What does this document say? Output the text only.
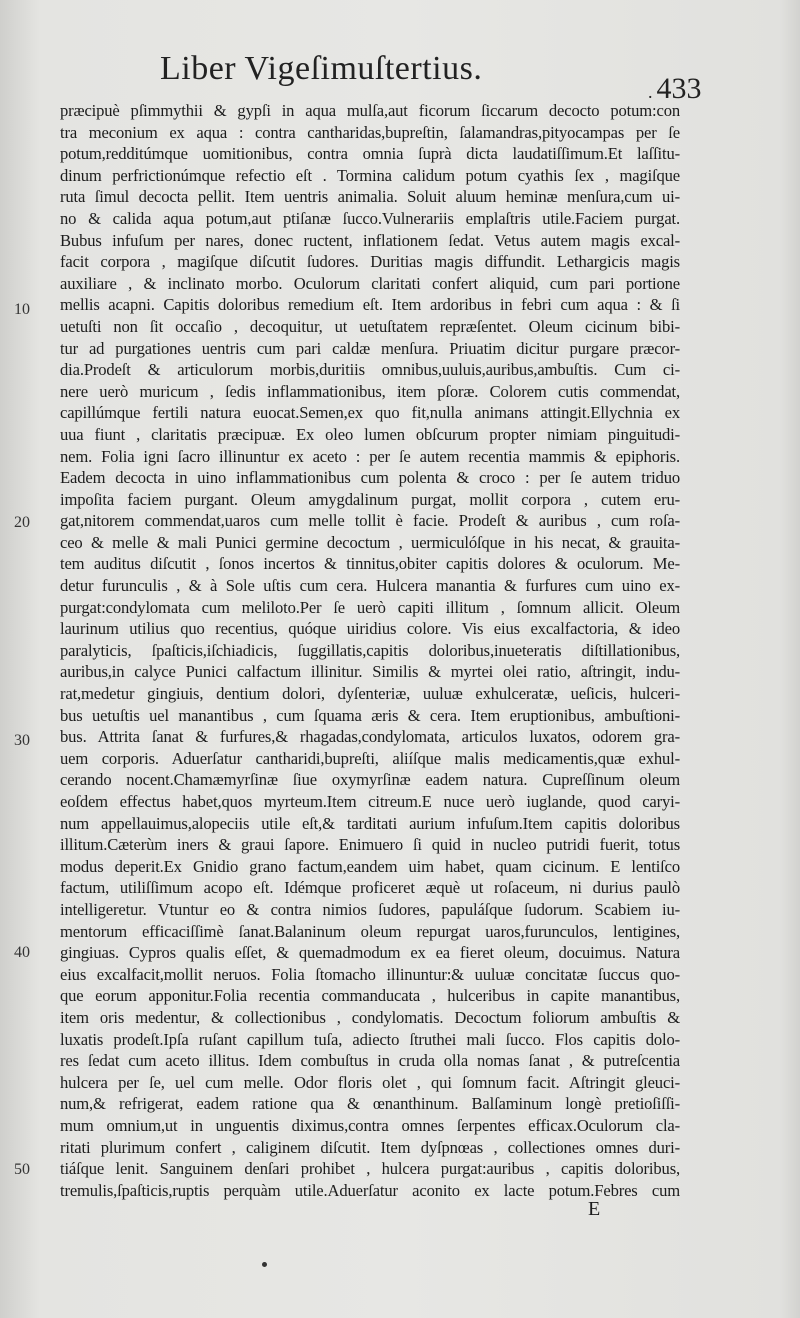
Liber Vigeſimuſtertius.
. 433
10
20
30
40
50
præcipuè pſimmythii & gypſi in aqua mulſa,aut ficorum ſiccarum decocto potum:con
tra meconium ex aqua : contra cantharidas,bupreſtin, ſalamandras,pityocampas per ſe
potum,redditúmque uomitionibus, contra omnia ſuprà dicta laudatiſſimum.Et laſſitu-
dinum perfrictionúmque refectio eſt . Tormina calidum potum cyathis ſex , magiſque
ruta ſimul decocta pellit. Item uentris animalia. Soluit aluum heminæ menſura,cum ui-
no & calida aqua potum,aut ptiſanæ ſucco.Vulnerariis emplaſtris utile.Faciem purgat.
Bubus infuſum per nares, donec ructent, inflationem ſedat. Vetus autem magis excal-
facit corpora , magiſque diſcutit ſudores. Duritias magis diffundit. Lethargicis magis
auxiliare , & inclinato morbo. Oculorum claritati confert aliquid, cum pari portione
mellis acapni. Capitis doloribus remedium eſt. Item ardoribus in febri cum aqua : & ſi
uetuſti non ſit occaſio , decoquitur, ut uetuſtatem repræſentet. Oleum cicinum bibi-
tur ad purgationes uentris cum pari caldæ menſura. Priuatim dicitur purgare præcor-
dia.Prodeſt & articulorum morbis,duritiis omnibus,uuluis,auribus,ambuſtis. Cum ci-
nere uerò muricum , ſedis inflammationibus, item pſoræ. Colorem cutis commendat,
capillúmque fertili natura euocat.Semen,ex quo fit,nulla animans attingit.Ellychnia ex
uua fiunt , claritatis præcipuæ. Ex oleo lumen obſcurum propter nimiam pinguitudi-
nem. Folia igni ſacro illinuntur ex aceto : per ſe autem recentia mammis & epiphoris.
Eadem decocta in uino inflammationibus cum polenta & croco : per ſe autem triduo
impoſita faciem purgant. Oleum amygdalinum purgat, mollit corpora , cutem eru-
gat,nitorem commendat,uaros cum melle tollit è facie. Prodeſt & auribus , cum roſa-
ceo & melle & mali Punici germine decoctum , uermiculóſque in his necat, & grauita-
tem auditus diſcutit , ſonos incertos & tinnitus,obiter capitis dolores & oculorum. Me-
detur furunculis , & à Sole uſtis cum cera. Hulcera manantia & furfures cum uino ex-
purgat:condylomata cum meliloto.Per ſe uerò capiti illitum , ſomnum allicit. Oleum
laurinum utilius quo recentius, quóque uiridius colore. Vis eius excalfactoria, & ideo
paralyticis, ſpaſticis,iſchiadicis, ſuggillatis,capitis doloribus,inueteratis diſtillationibus,
auribus,in calyce Punici calfactum illinitur. Similis & myrtei olei ratio, aſtringit, indu-
rat,medetur gingiuis, dentium dolori, dyſenteriæ, uuluæ exhulceratæ, ueſicis, hulceri-
bus uetuſtis uel manantibus , cum ſquama æris & cera. Item eruptionibus, ambuſtioni-
bus. Attrita ſanat & furfures,& rhagadas,condylomata, articulos luxatos, odorem gra-
uem corporis. Aduerſatur cantharidi,bupreſti, aliíſque malis medicamentis,quæ exhul-
cerando nocent.Chamæmyrſinæ ſiue oxymyrſinæ eadem natura. Cupreſſinum oleum
eoſdem effectus habet,quos myrteum.Item citreum.E nuce uerò iuglande, quod caryi-
num appellauimus,alopeciis utile eſt,& tarditati aurium infuſum.Item capitis doloribus
illitum.Cæterùm iners & graui ſapore. Enimuero ſi quid in nucleo putridi fuerit, totus
modus deperit.Ex Gnidio grano factum,eandem uim habet, quam cicinum. E lentiſco
factum, utiliſſimum acopo eſt. Idémque proficeret æquè ut roſaceum, ni durius paulò
intelligeretur. Vtuntur eo & contra nimios ſudores, papuláſque ſudorum. Scabiem iu-
mentorum efficaciſſimè ſanat.Balaninum oleum repurgat uaros,furunculos, lentigines,
gingiuas. Cypros qualis eſſet, & quemadmodum ex ea fieret oleum, docuimus. Natura
eius excalfacit,mollit neruos. Folia ſtomacho illinuntur:& uuluæ concitatæ ſuccus quo-
que eorum apponitur.Folia recentia commanducata , hulceribus in capite manantibus,
item oris medentur, & collectionibus , condylomatis. Decoctum foliorum ambuſtis &
luxatis prodeſt.Ipſa ruſant capillum tuſa, adiecto ſtruthei mali ſucco. Flos capitis dolo-
res ſedat cum aceto illitus. Idem combuſtus in cruda olla nomas ſanat , & putreſcentia
hulcera per ſe, uel cum melle. Odor floris olet , qui ſomnum facit. Aſtringit gleuci-
num,& refrigerat, eadem ratione qua & œnanthinum. Balſaminum longè pretioſiſſi-
mum omnium,ut in unguentis diximus,contra omnes ſerpentes efficax.Oculorum cla-
ritati plurimum confert , caliginem diſcutit. Item dyſpnœas , collectiones omnes duri-
tiáſque lenit. Sanguinem denſari prohibet , hulcera purgat:auribus , capitis doloribus,
tremulis,ſpaſticis,ruptis perquàm utile.Aduerſatur aconito ex lacte potum.Febres cum
E
